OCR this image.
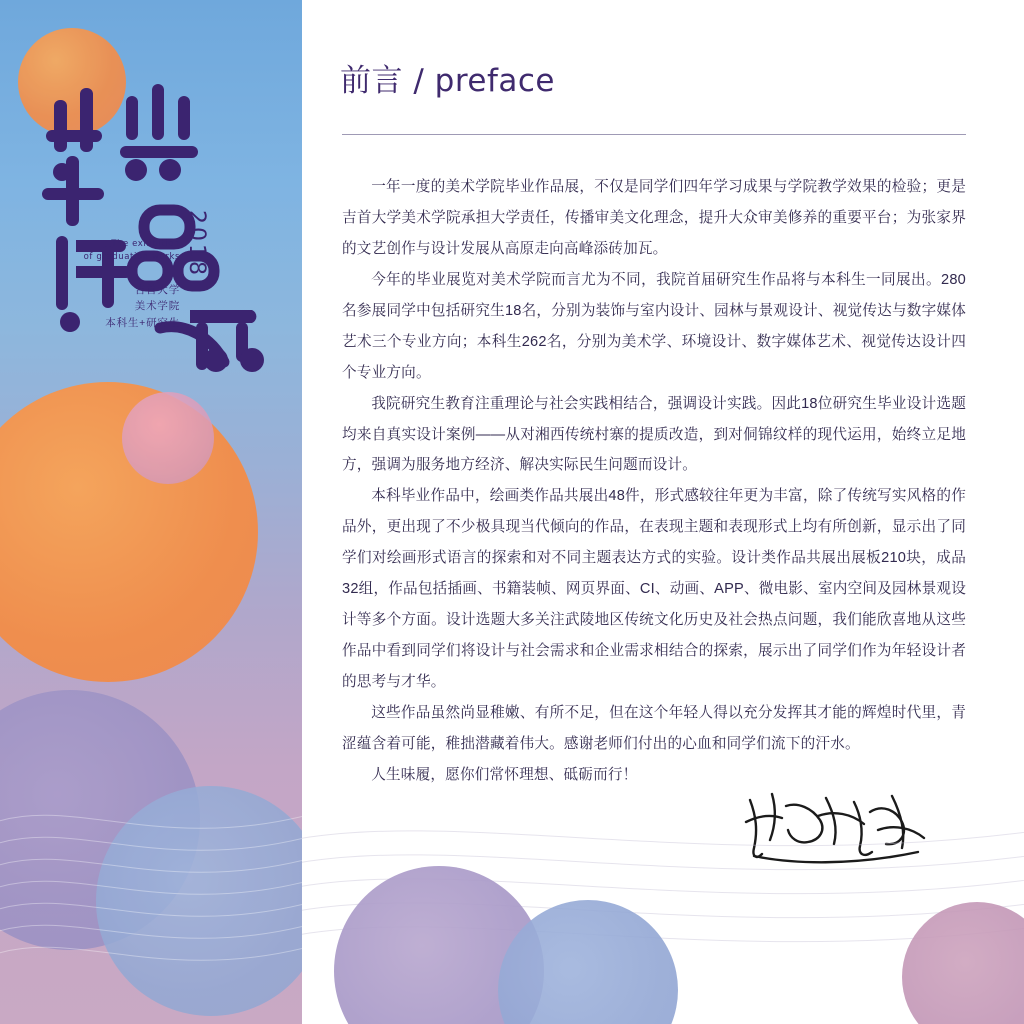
2018
The exhibition
of graduation works
吉首大学
美术学院
本科生+研究生
前言 / preface

一年一度的美术学院毕业作品展，不仅是同学们四年学习成果与学院教学效果的检验；更是吉首大学美术学院承担大学责任，传播审美文化理念，提升大众审美修养的重要平台；为张家界的文艺创作与设计发展从高原走向高峰添砖加瓦。

今年的毕业展览对美术学院而言尤为不同，我院首届研究生作品将与本科生一同展出。280名参展同学中包括研究生18名，分别为装饰与室内设计、园林与景观设计、视觉传达与数字媒体艺术三个专业方向；本科生262名，分别为美术学、环境设计、数字媒体艺术、视觉传达设计四个专业方向。

我院研究生教育注重理论与社会实践相结合，强调设计实践。因此18位研究生毕业设计选题均来自真实设计案例——从对湘西传统村寨的提质改造，到对侗锦纹样的现代运用，始终立足地方，强调为服务地方经济、解决实际民生问题而设计。

本科毕业作品中，绘画类作品共展出48件，形式感较往年更为丰富，除了传统写实风格的作品外，更出现了不少极具现当代倾向的作品，在表现主题和表现形式上均有所创新，显示出了同学们对绘画形式语言的探索和对不同主题表达方式的实验。设计类作品共展出展板210块，成品32组，作品包括插画、书籍装帧、网页界面、CI、动画、APP、微电影、室内空间及园林景观设计等多个方面。设计选题大多关注武陵地区传统文化历史及社会热点问题，我们能欣喜地从这些作品中看到同学们将设计与社会需求和企业需求相结合的探索，展示出了同学们作为年轻设计者的思考与才华。

这些作品虽然尚显稚嫩、有所不足，但在这个年轻人得以充分发挥其才能的辉煌时代里，青涩蕴含着可能，稚拙潜藏着伟大。感谢老师们付出的心血和同学们流下的汗水。

人生味履，愿你们常怀理想、砥砺而行！
